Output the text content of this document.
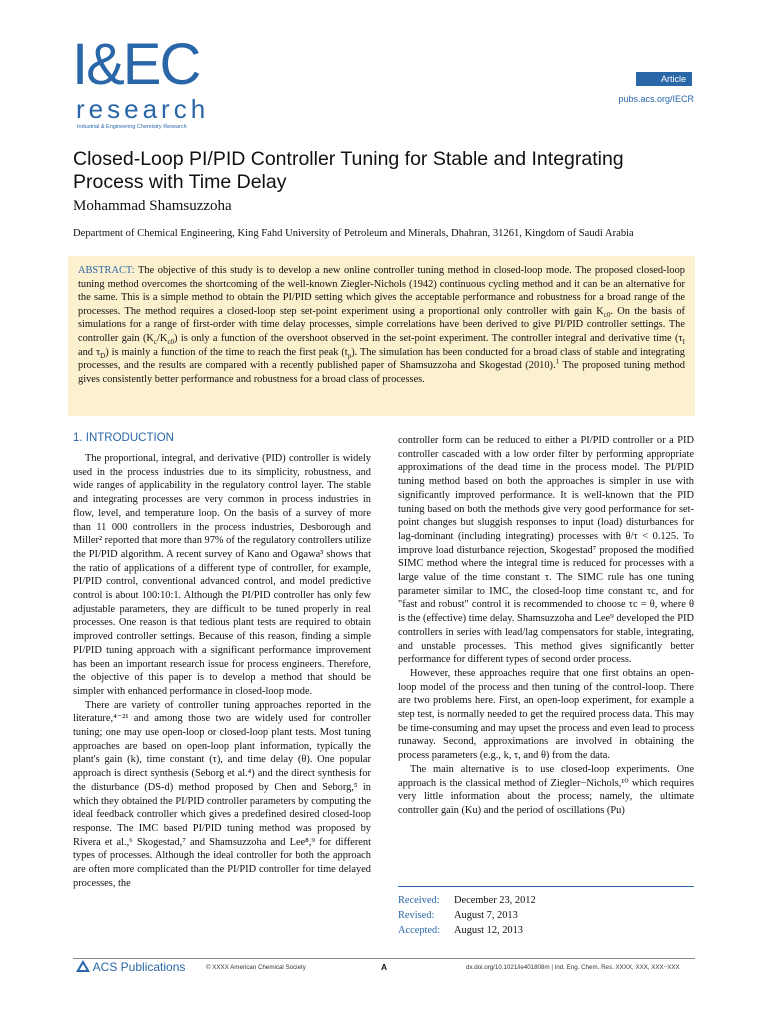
I&EC
research
Industrial & Engineering Chemistry Research
Article
pubs.acs.org/IECR
Closed-Loop PI/PID Controller Tuning for Stable and Integrating Process with Time Delay
Mohammad Shamsuzzoha
Department of Chemical Engineering, King Fahd University of Petroleum and Minerals, Dhahran, 31261, Kingdom of Saudi Arabia
ABSTRACT: The objective of this study is to develop a new online controller tuning method in closed-loop mode. The proposed closed-loop tuning method overcomes the shortcoming of the well-known Ziegler-Nichols (1942) continuous cycling method and it can be an alternative for the same. This is a simple method to obtain the PI/PID setting which gives the acceptable performance and robustness for a broad range of the processes. The method requires a closed-loop step set-point experiment using a proportional only controller with gain $K_{c0}$. On the basis of simulations for a range of first-order with time delay processes, simple correlations have been derived to give PI/PID controller settings. The controller gain $(K_c/K_{c0})$ is only a function of the overshoot observed in the set-point experiment. The controller integral and derivative time ($\tau_I$ and $\tau_D$) is mainly a function of the time to reach the first peak $(t_p)$. The simulation has been conducted for a broad class of stable and integrating processes, and the results are compared with a recently published paper of Shamsuzzoha and Skogestad (2010).$^1$ The proposed tuning method gives consistently better performance and robustness for a broad class of processes.
1. INTRODUCTION

The proportional, integral, and derivative (PID) controller is widely used in the process industries due to its simplicity, robustness, and wide ranges of applicability in the regulatory control layer. The stable and integrating processes are very common in process industries in flow, level, and temperature loop. On the basis of a survey of more than 11 000 controllers in the process industries, Desborough and Miller² reported that more than 97% of the regulatory controllers utilize the PI/PID algorithm. A recent survey of Kano and Ogawa³ shows that the ratio of applications of a different type of controller, for example, PI/PID control, conventional advanced control, and model predictive control is about 100:10:1. Although the PI/PID controller has only few adjustable parameters, they are difficult to be tuned properly in real processes. One reason is that tedious plant tests are required to obtain improved controller settings. Because of this reason, finding a simple PI/PID tuning approach with a significant performance improvement has been an important research issue for process engineers. Therefore, the objective of this paper is to develop a method that should be simpler with enhanced performance in closed-loop mode.

There are variety of controller tuning approaches reported in the literature,⁴⁻²¹ and among those two are widely used for controller tuning; one may use open-loop or closed-loop plant tests. Most tuning approaches are based on open-loop plant information, typically the plant's gain (k), time constant (τ), and time delay (θ). One popular approach is direct synthesis (Seborg et al.⁴) and the direct synthesis for the disturbance (DS-d) method proposed by Chen and Seborg,⁵ in which they obtained the PI/PID controller parameters by computing the ideal feedback controller which gives a predefined desired closed-loop response. The IMC based PI/PID tuning method was proposed by Rivera et al.,⁶ Skogestad,⁷ and Shamsuzzoha and Lee⁸,⁹ for different types of processes. Although the ideal controller for both the approach are often more complicated than the PI/PID controller for time delayed processes, the

controller form can be reduced to either a PI/PID controller or a PID controller cascaded with a low order filter by performing appropriate approximations of the dead time in the process model. The PI/PID tuning method based on both the approaches is simpler in use with significantly improved performance. It is well-known that the PID tuning based on both the methods give very good performance for set-point changes but sluggish responses to input (load) disturbances for lag-dominant (including integrating) processes with θ/τ < 0.125. To improve load disturbance rejection, Skogestad⁷ proposed the modified SIMC method where the integral time is reduced for processes with a large value of the time constant τ. The SIMC rule has one tuning parameter similar to IMC, the closed-loop time constant τc, and for "fast and robust" control it is recommended to choose τc = θ, where θ is the (effective) time delay. Shamsuzzoha and Lee⁹ developed the PID controllers in series with lead/lag compensators for stable, integrating, and unstable processes. This method gives significantly better performance for different types of second order process.

However, these approaches require that one first obtains an open-loop model of the process and then tuning of the control-loop. There are two problems here. First, an open-loop experiment, for example a step test, is normally needed to get the required process data. This may be time-consuming and may upset the process and even lead to process runaway. Second, approximations are involved in obtaining the process parameters (e.g., k, τ, and θ) from the data.

The main alternative is to use closed-loop experiments. One approach is the classical method of Ziegler−Nichols,¹⁰ which requires very little information about the process; namely, the ultimate controller gain (Ku) and the period of oscillations (Pu)

Received: December 23, 2012
Revised: August 7, 2013
Accepted: August 12, 2013
ACS Publications	© XXXX American Chemical Society	A	dx.doi.org/10.1021/ie401808m | Ind. Eng. Chem. Res. XXXX, XXX, XXX−XXX
